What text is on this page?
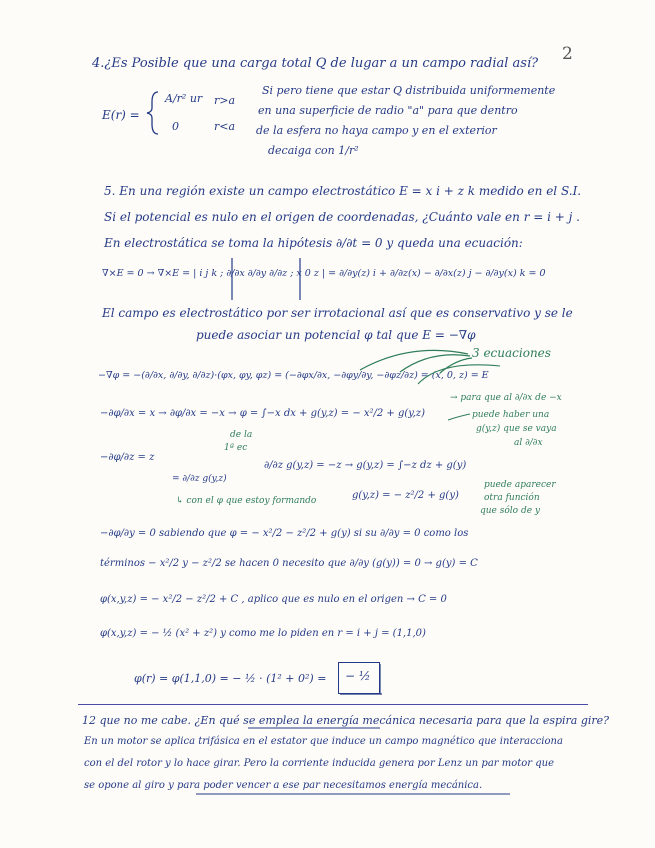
2
4.¿Es Posible que una carga total Q de lugar a un campo radial así?
E(r) =
A/r² ur r>a
0	r<a
Si pero tiene que estar Q distribuida uniformemente
en una superficie de radio "a" para que dentro
de la esfera no haya campo y en el exterior
decaiga con 1/r²
5. En una región existe un campo electrostático E = x i + z k medido en el S.I.
Si el potencial es nulo en el origen de coordenadas, ¿Cuánto vale en r = i + j .
En electrostática se toma la hipótesis ∂/∂t = 0 y queda una ecuación:
∇×E = 0 → ∇×E = | i j k ; ∂/∂x ∂/∂y ∂/∂z ; x 0 z | = ∂/∂y(z) i + ∂/∂z(x) − ∂/∂x(z) j − ∂/∂y(x) k = 0
El campo es electrostático por ser irrotacional así que es conservativo y se le
puede asociar un potencial φ tal que E = −∇φ
3 ecuaciones
−∇φ = −(∂/∂x, ∂/∂y, ∂/∂z)·(φx, φy, φz) = (−∂φx/∂x, −∂φy/∂y, −∂φz/∂z) = (x, 0, z) = E
→ para que al ∂/∂x de −x
−∂φ/∂x = x → ∂φ/∂x = −x → φ = ∫−x dx + g(y,z) = − x²/2 + g(y,z)	puede haber una
g(y,z) que se vaya
al ∂/∂x
de la
1ª ec
−∂φ/∂z = z
= ∂/∂z g(y,z)
∂/∂z g(y,z) = −z → g(y,z) = ∫−z dz + g(y)
↳ con el φ que estoy formando	g(y,z) = − z²/2 + g(y)
puede aparecer
otra función
que sólo de y
−∂φ/∂y = 0 sabiendo que φ = − x²/2 − z²/2 + g(y) si su ∂/∂y = 0 como los
términos − x²/2 y − z²/2 se hacen 0 necesito que ∂/∂y (g(y)) = 0 → g(y) = C
φ(x,y,z) = − x²/2 − z²/2 + C , aplico que es nulo en el origen → C = 0
φ(x,y,z) = − ½ (x² + z²) y como me lo piden en r = i + j = (1,1,0)
φ(r) = φ(1,1,0) = − ½ · (1² + 0²) = − ½
12 que no me cabe. ¿En qué se emplea la energía mecánica necesaria para que la espira gire?
En un motor se aplica trifásica en el estator que induce un campo magnético que interacciona
con el del rotor y lo hace girar. Pero la corriente inducida genera por Lenz un par motor que
se opone al giro y para poder vencer a ese par necesitamos energía mecánica.
